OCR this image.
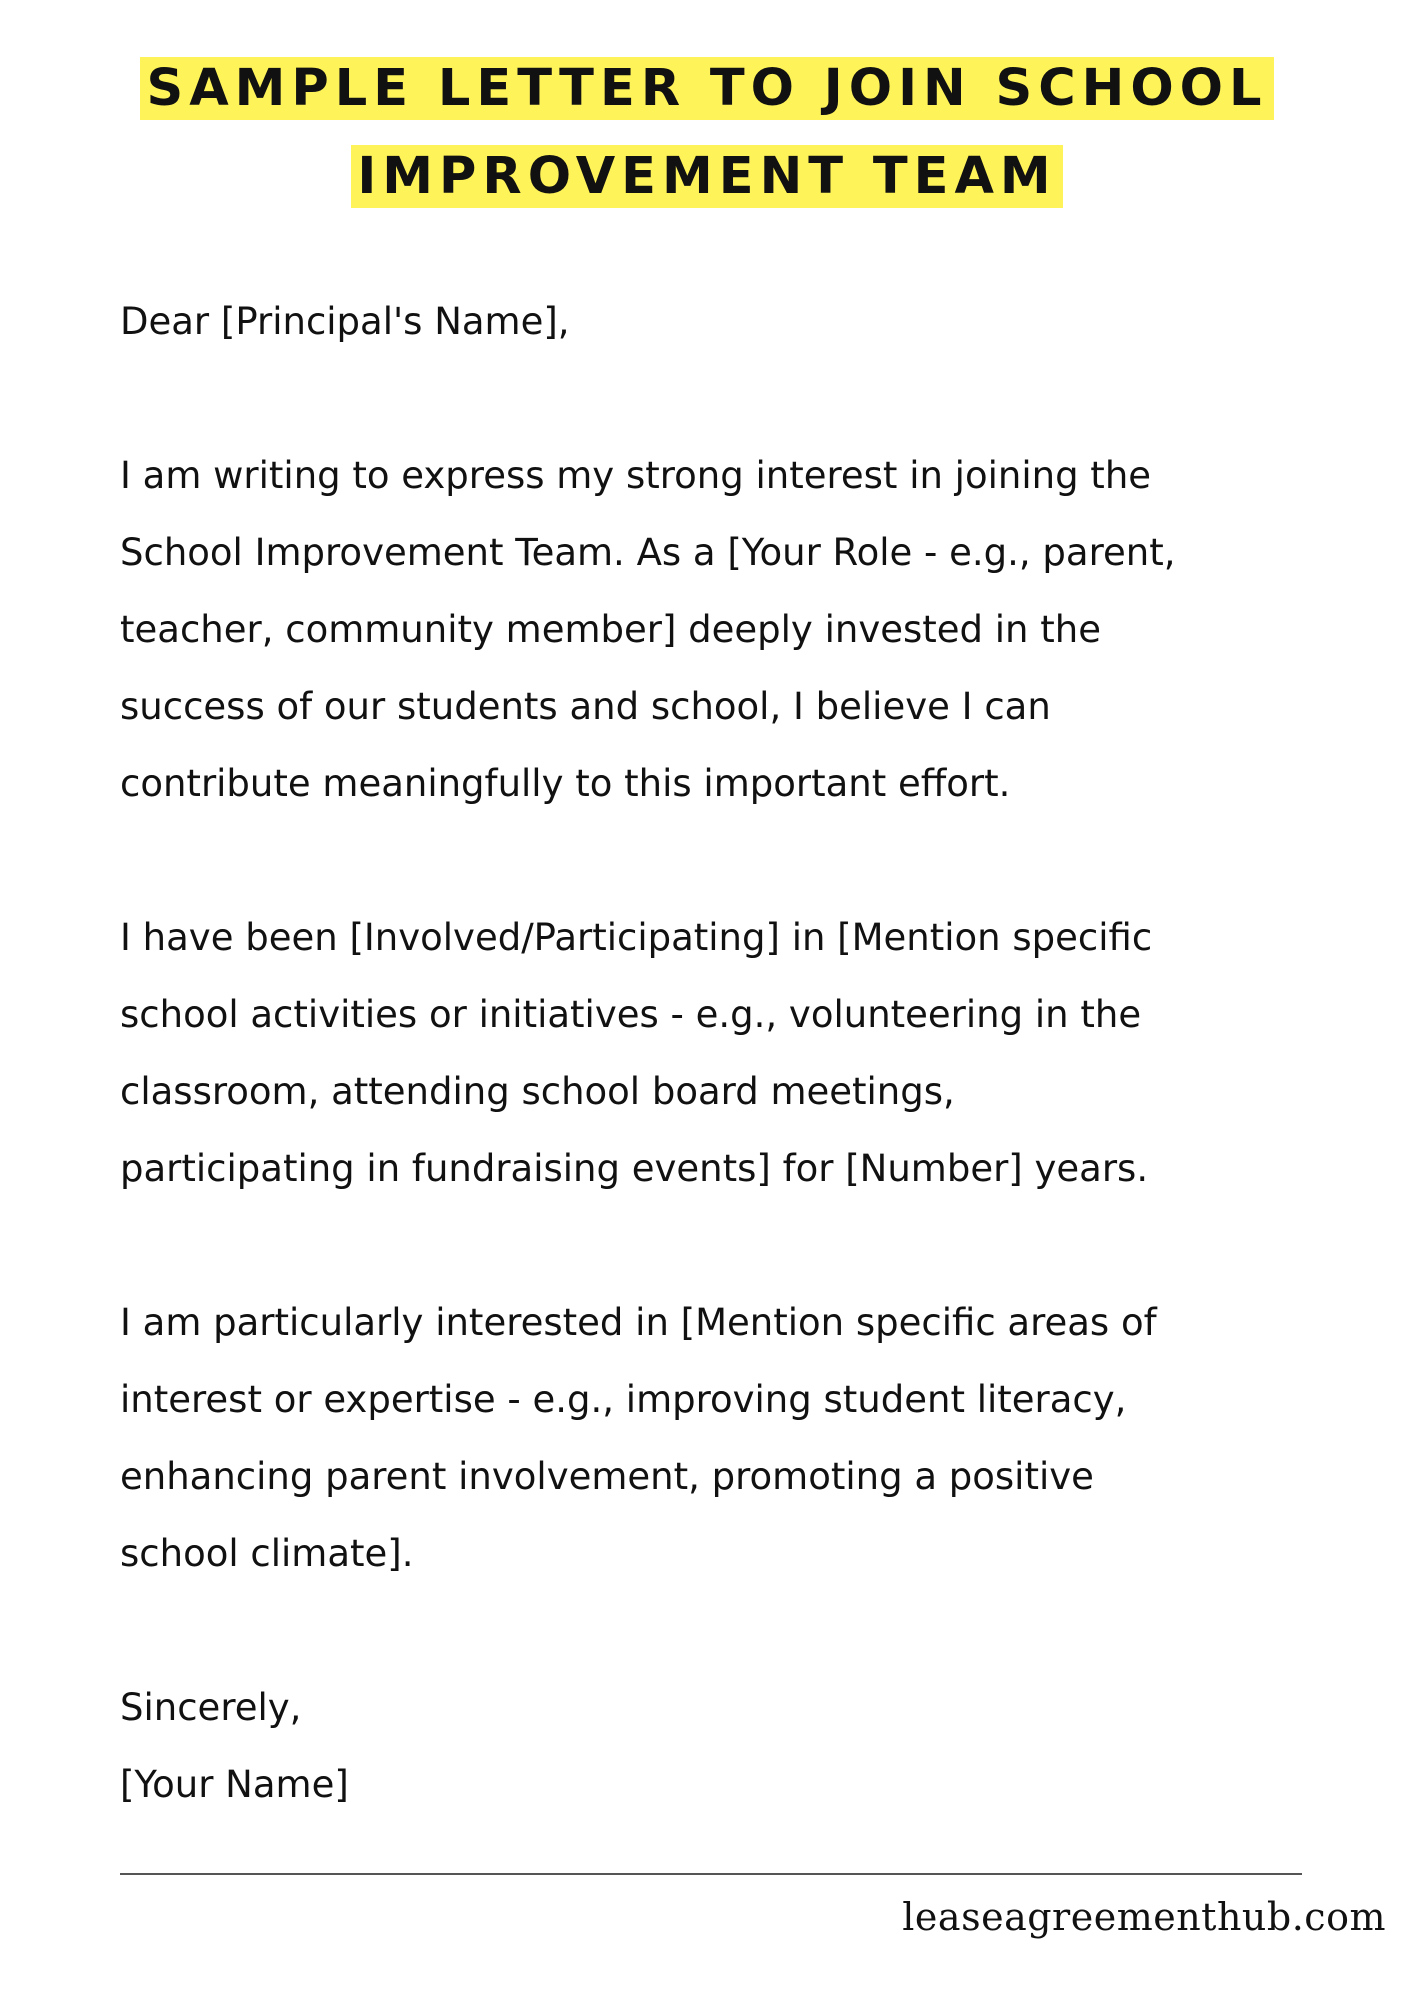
SAMPLE LETTER TO JOIN SCHOOL
IMPROVEMENT TEAM

Dear [Principal's Name],

I am writing to express my strong interest in joining the
School Improvement Team. As a [Your Role - e.g., parent,
teacher, community member] deeply invested in the
success of our students and school, I believe I can
contribute meaningfully to this important effort.

I have been [Involved/Participating] in [Mention specific
school activities or initiatives - e.g., volunteering in the
classroom, attending school board meetings,
participating in fundraising events] for [Number] years.

I am particularly interested in [Mention specific areas of
interest or expertise - e.g., improving student literacy,
enhancing parent involvement, promoting a positive
school climate].

Sincerely,

[Your Name]

leaseagreementhub.com
